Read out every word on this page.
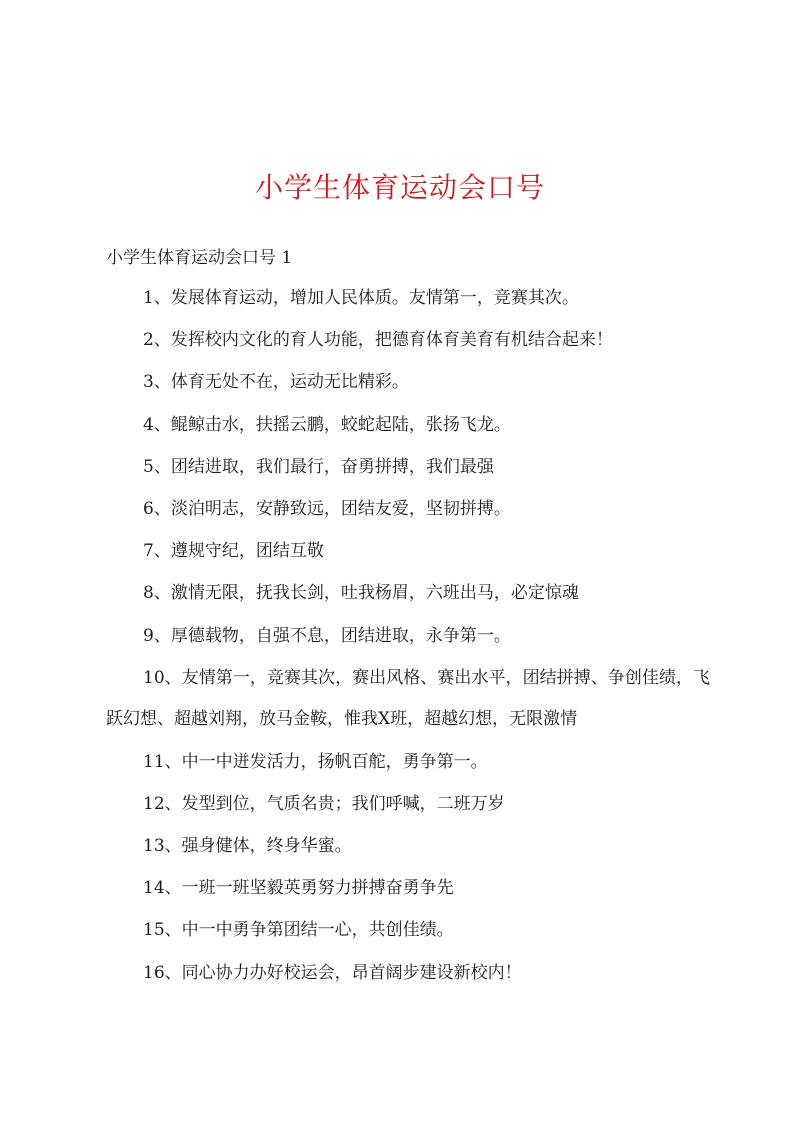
小学生体育运动会口号
小学生体育运动会口号 1
1、发展体育运动，增加人民体质。友情第一，竞赛其次。
2、发挥校内文化的育人功能，把德育体育美育有机结合起来！
3、体育无处不在，运动无比精彩。
4、鲲鲸击水，扶摇云鹏，蛟蛇起陆，张扬飞龙。
5、团结进取，我们最行，奋勇拼搏，我们最强
6、淡泊明志，安静致远，团结友爱，坚韧拼搏。
7、遵规守纪，团结互敬
8、激情无限，抚我长剑，吐我杨眉，六班出马，必定惊魂
9、厚德载物，自强不息，团结进取，永争第一。
10、友情第一，竞赛其次，赛出风格、赛出水平，团结拼搏、争创佳绩，飞跃幻想、超越刘翔，放马金鞍，惟我X班，超越幻想，无限激情
11、中一中迸发活力，扬帆百舵，勇争第一。
12、发型到位，气质名贵；我们呼喊，二班万岁
13、强身健体，终身华蜜。
14、一班一班坚毅英勇努力拼搏奋勇争先
15、中一中勇争第团结一心，共创佳绩。
16、同心协力办好校运会，昂首阔步建设新校内！
